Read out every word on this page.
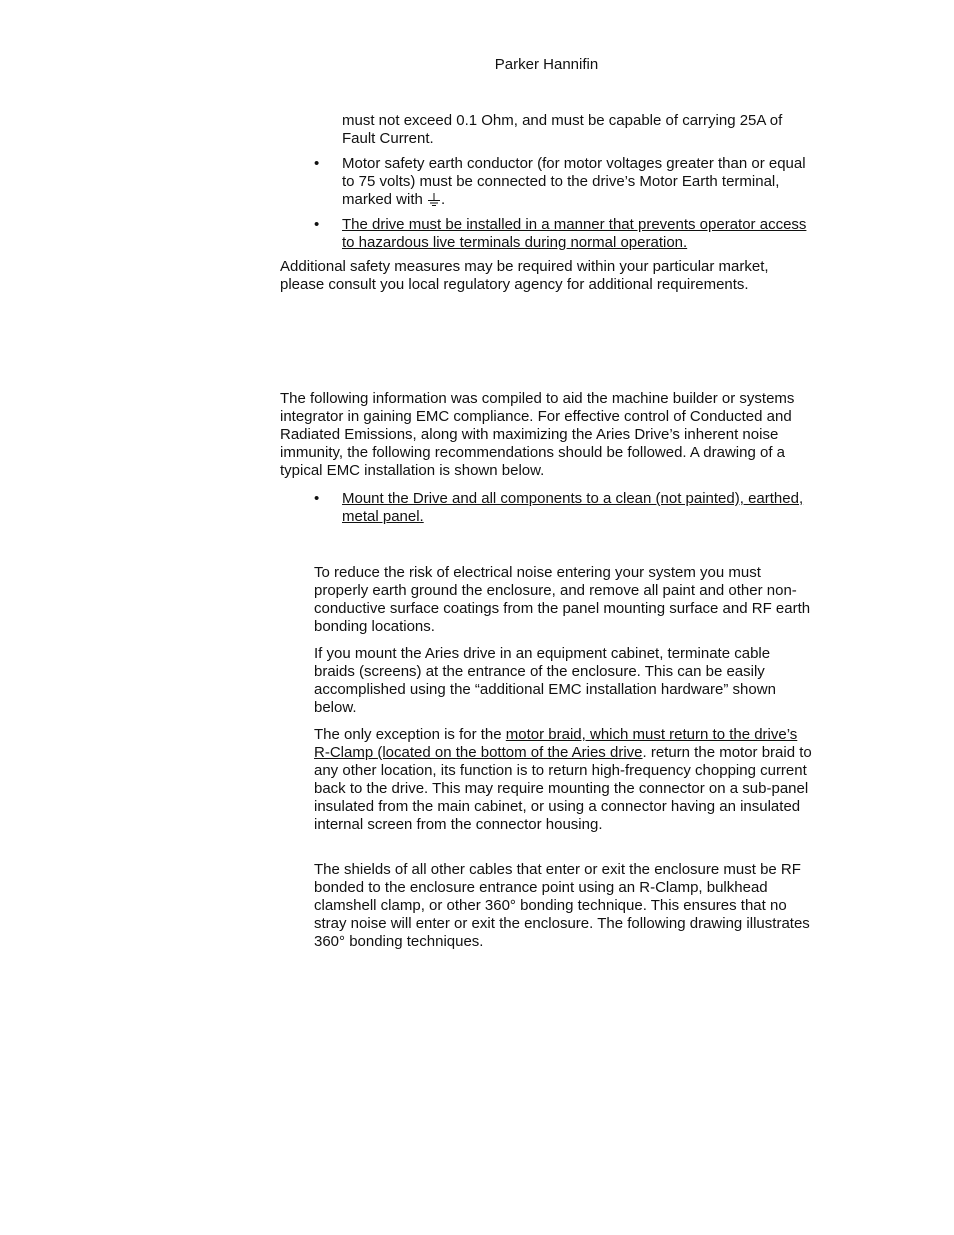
Parker Hannifin

must not exceed 0.1 Ohm, and must be capable of carrying 25A of Fault Current.

•	Motor safety earth conductor (for motor voltages greater than or equal to 75 volts) must be connected to the drive’s Motor Earth terminal, marked with .
•	The drive must be installed in a manner that prevents operator access to hazardous live terminals during normal operation.

Additional safety measures may be required within your particular market, please consult you local regulatory agency for additional requirements.

The following information was compiled to aid the machine builder or systems integrator in gaining EMC compliance. For effective control of Conducted and Radiated Emissions, along with maximizing the Aries Drive’s inherent noise immunity, the following recommendations should be followed. A drawing of a typical EMC installation is shown below.

•	Mount the Drive and all components to a clean (not painted), earthed, metal panel.

To reduce the risk of electrical noise entering your system you must properly earth ground the enclosure, and remove all paint and other non-conductive surface coatings from the panel mounting surface and RF earth bonding locations.

If you mount the Aries drive in an equipment cabinet, terminate cable braids (screens) at the entrance of the enclosure. This can be easily accomplished using the “additional EMC installation hardware” shown below.

The only exception is for the motor braid, which must return to the drive’s R-Clamp (located on the bottom of the Aries drive. return the motor braid to any other location, its function is to return high-frequency chopping current back to the drive. This may require mounting the connector on a sub-panel insulated from the main cabinet, or using a connector having an insulated internal screen from the connector housing.

The shields of all other cables that enter or exit the enclosure must be RF bonded to the enclosure entrance point using an R-Clamp, bulkhead clamshell clamp, or other 360° bonding technique. This ensures that no stray noise will enter or exit the enclosure. The following drawing illustrates 360° bonding techniques.
